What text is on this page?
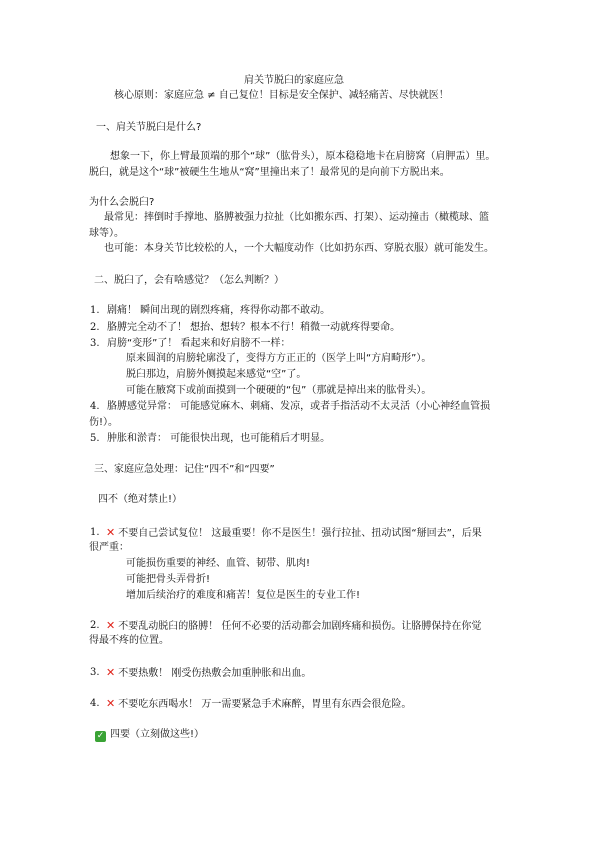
肩关节脱臼的家庭应急
核心原则：家庭应急 ≠ 自己复位！目标是安全保护、减轻痛苦、尽快就医！
一、肩关节脱臼是什么?
想象一下，你上臂最顶端的那个“球”（肱骨头），原本稳稳地卡在肩膀窝（肩胛盂）里。
脱臼，就是这个“球”被硬生生地从“窝”里撞出来了！最常见的是向前下方脱出来。
为什么会脱臼?
最常见：摔倒时手撑地、胳膊被强力拉扯（比如搬东西、打架）、运动撞击（橄榄球、篮
球等）。
也可能：本身关节比较松的人，一个大幅度动作（比如扔东西、穿脱衣服）就可能发生。
二、脱臼了，会有啥感觉？（怎么判断？）
1. 剧痛！ 瞬间出现的剧烈疼痛，疼得你动都不敢动。
2. 胳膊完全动不了！ 想抬、想转？根本不行！稍微一动就疼得要命。
3. 肩膀“变形”了！ 看起来和好肩膀不一样：
原来圆润的肩膀轮廓没了，变得方方正正的（医学上叫“方肩畸形”）。
脱臼那边，肩膀外侧摸起来感觉“空”了。
可能在腋窝下或前面摸到一个硬硬的“包”（那就是掉出来的肱骨头）。
4. 胳膊感觉异常： 可能感觉麻木、刺痛、发凉，或者手指活动不太灵活（小心神经血管损
伤!）。
5. 肿胀和淤青： 可能很快出现，也可能稍后才明显。
三、家庭应急处理：记住“四不”和“四要”
四不（绝对禁止!）
1. ✕ 不要自己尝试复位！ 这最重要！你不是医生！强行拉扯、扭动试图“掰回去”，后果
很严重：
可能损伤重要的神经、血管、韧带、肌肉!
可能把骨头弄骨折!
增加后续治疗的难度和痛苦！复位是医生的专业工作!
2. ✕ 不要乱动脱臼的胳膊！ 任何不必要的活动都会加剧疼痛和损伤。让胳膊保持在你觉
得最不疼的位置。
3. ✕ 不要热敷！ 刚受伤热敷会加重肿胀和出血。
4. ✕ 不要吃东西喝水！ 万一需要紧急手术麻醉，胃里有东西会很危险。
✓ 四要（立刻做这些!）
